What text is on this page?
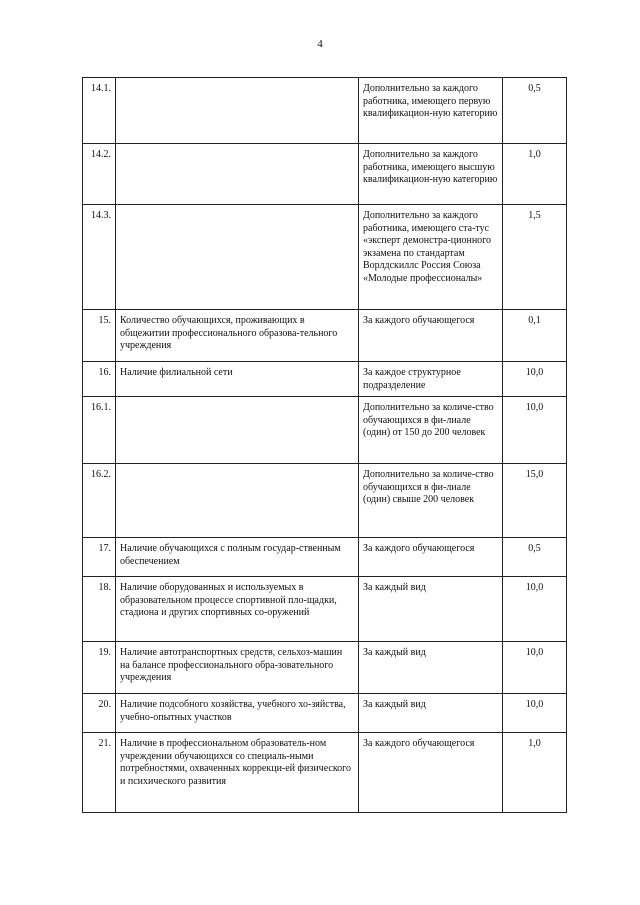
4
14.1.		Дополнительно за каждого работника, имеющего первую квалификацион-ную категорию	0,5
14.2.		Дополнительно за каждого работника, имеющего высшую квалификацион-ную категорию	1,0
14.3.		Дополнительно за каждого работника, имеющего ста-тус «эксперт демонстра-ционного экзамена по стандартам Ворлдскиллс Россия Союза «Молодые профессионалы»	1,5
15.	Количество обучающихся, проживающих в общежитии профессионального образова-тельного учреждения	За каждого обучающегося	0,1
16.	Наличие филиальной сети	За каждое структурное подразделение	10,0
16.1.		Дополнительно за количе-ство обучающихся в фи-лиале (один) от 150 до 200 человек	10,0
16.2.		Дополнительно за количе-ство обучающихся в фи-лиале (один) свыше 200 человек	15,0
17.	Наличие обучающихся с полным государ-ственным обеспечением	За каждого обучающегося	0,5
18.	Наличие оборудованных и используемых в образовательном процессе спортивной пло-щадки, стадиона и других спортивных со-оружений	За каждый вид	10,0
19.	Наличие автотранспортных средств, сельхоз-машин на балансе профессионального обра-зовательного учреждения	За каждый вид	10,0
20.	Наличие подсобного хозяйства, учебного хо-зяйства, учебно-опытных участков	За каждый вид	10,0
21.	Наличие в профессиональном образователь-ном учреждении обучающихся со специаль-ными потребностями, охваченных коррекци-ей физического и психического развития	За каждого обучающегося	1,0
